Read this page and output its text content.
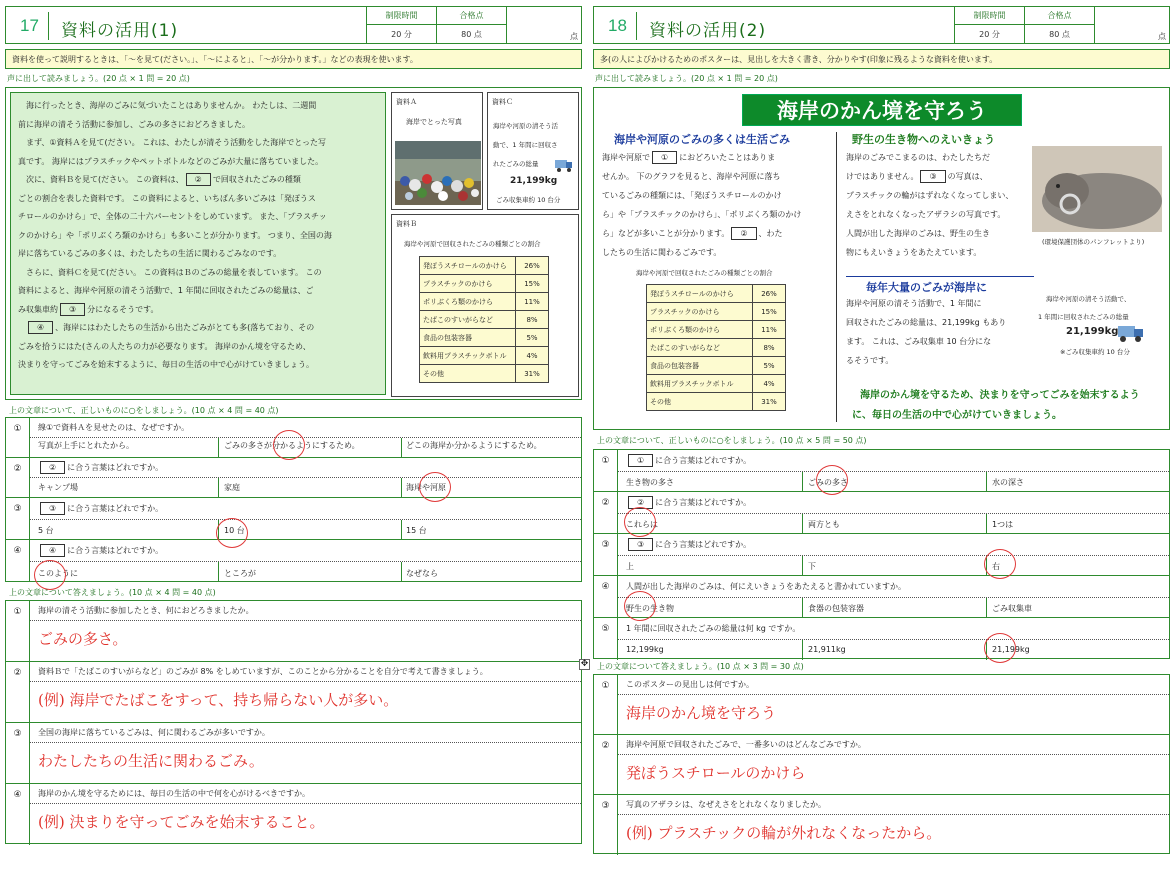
17 資料の活用(1)
制限時間
20 分
合格点
80 点	点
資料を使って説明するときは、「～を見て(ださい。」、「～によると」、「～が分かります。」などの表現を使います。
声に出して読みましょう。(20 点 × 1 問 = 20 点)
　海に行ったとき、海岸のごみに気づいたことはありませんか。 わたしは、二週間
前に海岸の清そう活動に参加し、ごみの多さにおどろきました。
　まず、①資料Ａを見て(ださい。 これは、わたしが清そう活動をした海岸でとった写
真です。 海岸にはプラスチックやペットボトルなどのごみが大量に落ちていました。
　次に、資料Ｂを見て(ださい。 この資料は、 ② で回収されたごみの種類
ごとの割合を表した資料です。 この資料によると、いちばん多いごみは「発ぽうス
チロールのかけら」で、全体の二十六パーセントをしめています。 また、「プラスチッ
クのかけら」や「ポリぶくろ類のかけら」も多いことが分かります。 つまり、全国の海
岸に落ちているごみの多くは、わたしたちの生活に関わるごみなのです。
　さらに、資料Ｃを見て(ださい。 この資料はＢのごみの総量を表しています。 この
資料によると、海岸や河原の清そう活動で、1 年間に回収されたごみの総量は、ご
み収集車約 ③ 分になるそうです。
　④ 、海岸にはわたしたちの生活から出たごみがとても多(落ちており、その
ごみを拾うにはた(さんの人たちの力が必要なります。 海岸のかん境を守るため、
決まりを守ってごみを始末するように、毎日の生活の中で心がけていきましょう。
資料Ａ
海岸でとった写真
資料Ｃ
海岸や河原の清そう活
動で、1 年間に回収さ
れたごみの総量
21,199kg
ごみ収集車約 10 台分
資料Ｂ
海岸や河原で回収されたごみの種類ごとの割合
発ぽうスチロールのかけら	26%
プラスチックのかけら	15%
ポリぶくろ類のかけら	11%
たばこのすいがらなど	8%
食品の包装容器	5%
飲料用プラスチックボトル	4%
その他	31%
上の文章について、正しいものに○をしましょう。(10 点 × 4 問 = 40 点)
①	線①で資料Ａを見せたのは、なぜですか。
写真が上手にとれたから。	ごみの多さが分かるようにするため。	どこの海岸か分かるようにするため。
②	② に合う言葉はどれですか。
キャンプ場	家庭	海岸や河原
③	③ に合う言葉はどれですか。
5 台	10 台	15 台
④	④ に合う言葉はどれですか。
このように	ところが	なぜなら
上の文章について答えましょう。(10 点 × 4 問 = 40 点)
①	海岸の清そう活動に参加したとき、何におどろきましたか。
ごみの多さ。
②	資料Ｂで「たばこのすいがらなど」のごみが 8% をしめていますが、このことから分かることを自分で考えて書きましょう。
(例) 海岸でたばこをすって、持ち帰らない人が多い。
③	全国の海岸に落ちているごみは、何に関わるごみが多いですか。
わたしたちの生活に関わるごみ。
④	海岸のかん境を守るためには、毎日の生活の中で何を心がけるべきですか。
(例) 決まりを守ってごみを始末すること。
18 資料の活用(2)
制限時間
20 分
合格点
80 点	点
多(の人によびかけるためのポスターは、見出しを大きく書き、分かりやす(印象に残るような資料を使います。
声に出して読みましょう。(20 点 × 1 問 = 20 点)
海岸のかん境を守ろう
海岸や河原のごみの多くは生活ごみ
海岸や河原で ① におどろいたことはありま
せんか。 下のグラフを見ると、海岸や河原に落ち
ているごみの種類には、「発ぽうスチロールのかけ
ら」や「プラスチックのかけら」、「ポリぶくろ類のかけ
ら」などが多いことが分かります。 ② 、わた
したちの生活に関わるごみです。
海岸や河原で回収されたごみの種類ごとの割合
発ぽうスチロールのかけら	26%
プラスチックのかけら	15%
ポリぶくろ類のかけら	11%
たばこのすいがらなど	8%
食品の包装容器	5%
飲料用プラスチックボトル	4%
その他	31%
野生の生き物へのえいきょう
海岸のごみでこまるのは、わたしたちだ
けではありません。 ③ の写真は、
プラスチックの輪がはずれなくなってしまい、
えさをとれなくなったアザラシの写真です。
人間が出した海岸のごみは、野生の生き
物にもえいきょうをあたえています。
(環境保護団体のパンフレットより)
毎年大量のごみが海岸に
海岸や河原の清そう活動で、1 年間に
回収されたごみの総量は、21,199kg もあり
ます。 これは、ごみ収集車 10 台分にな
るそうです。
海岸や河原の清そう活動で、
1 年間に回収されたごみの総量
21,199kg
※ごみ収集車約 10 台分
海岸のかん境を守るため、決まりを守ってごみを始末するよう
に、毎日の生活の中で心がけていきましょう。
上の文章について、正しいものに○をしましょう。(10 点 × 5 問 = 50 点)
①	① に合う言葉はどれですか。
生き物の多さ	ごみの多さ	水の深さ
②	② に合う言葉はどれですか。
これらは	両方とも	1つは
③	③ に合う言葉はどれですか。
上	下	右
④	人間が出した海岸のごみは、何にえいきょうをあたえると書かれていますか。
野生の生き物	食器の包装容器	ごみ収集車
⑤	1 年間に回収されたごみの総量は何 kg ですか。
12,199kg	21,911kg	21,199kg
上の文章について答えましょう。(10 点 × 3 問 = 30 点)
①	このポスターの見出しは何ですか。
海岸のかん境を守ろう
②	海岸や河原で回収されたごみで、一番多いのはどんなごみですか。
発ぽうスチロールのかけら
③	写真のアザラシは、なぜえさをとれなくなりましたか。
(例) プラスチックの輪が外れなくなったから。
✥
